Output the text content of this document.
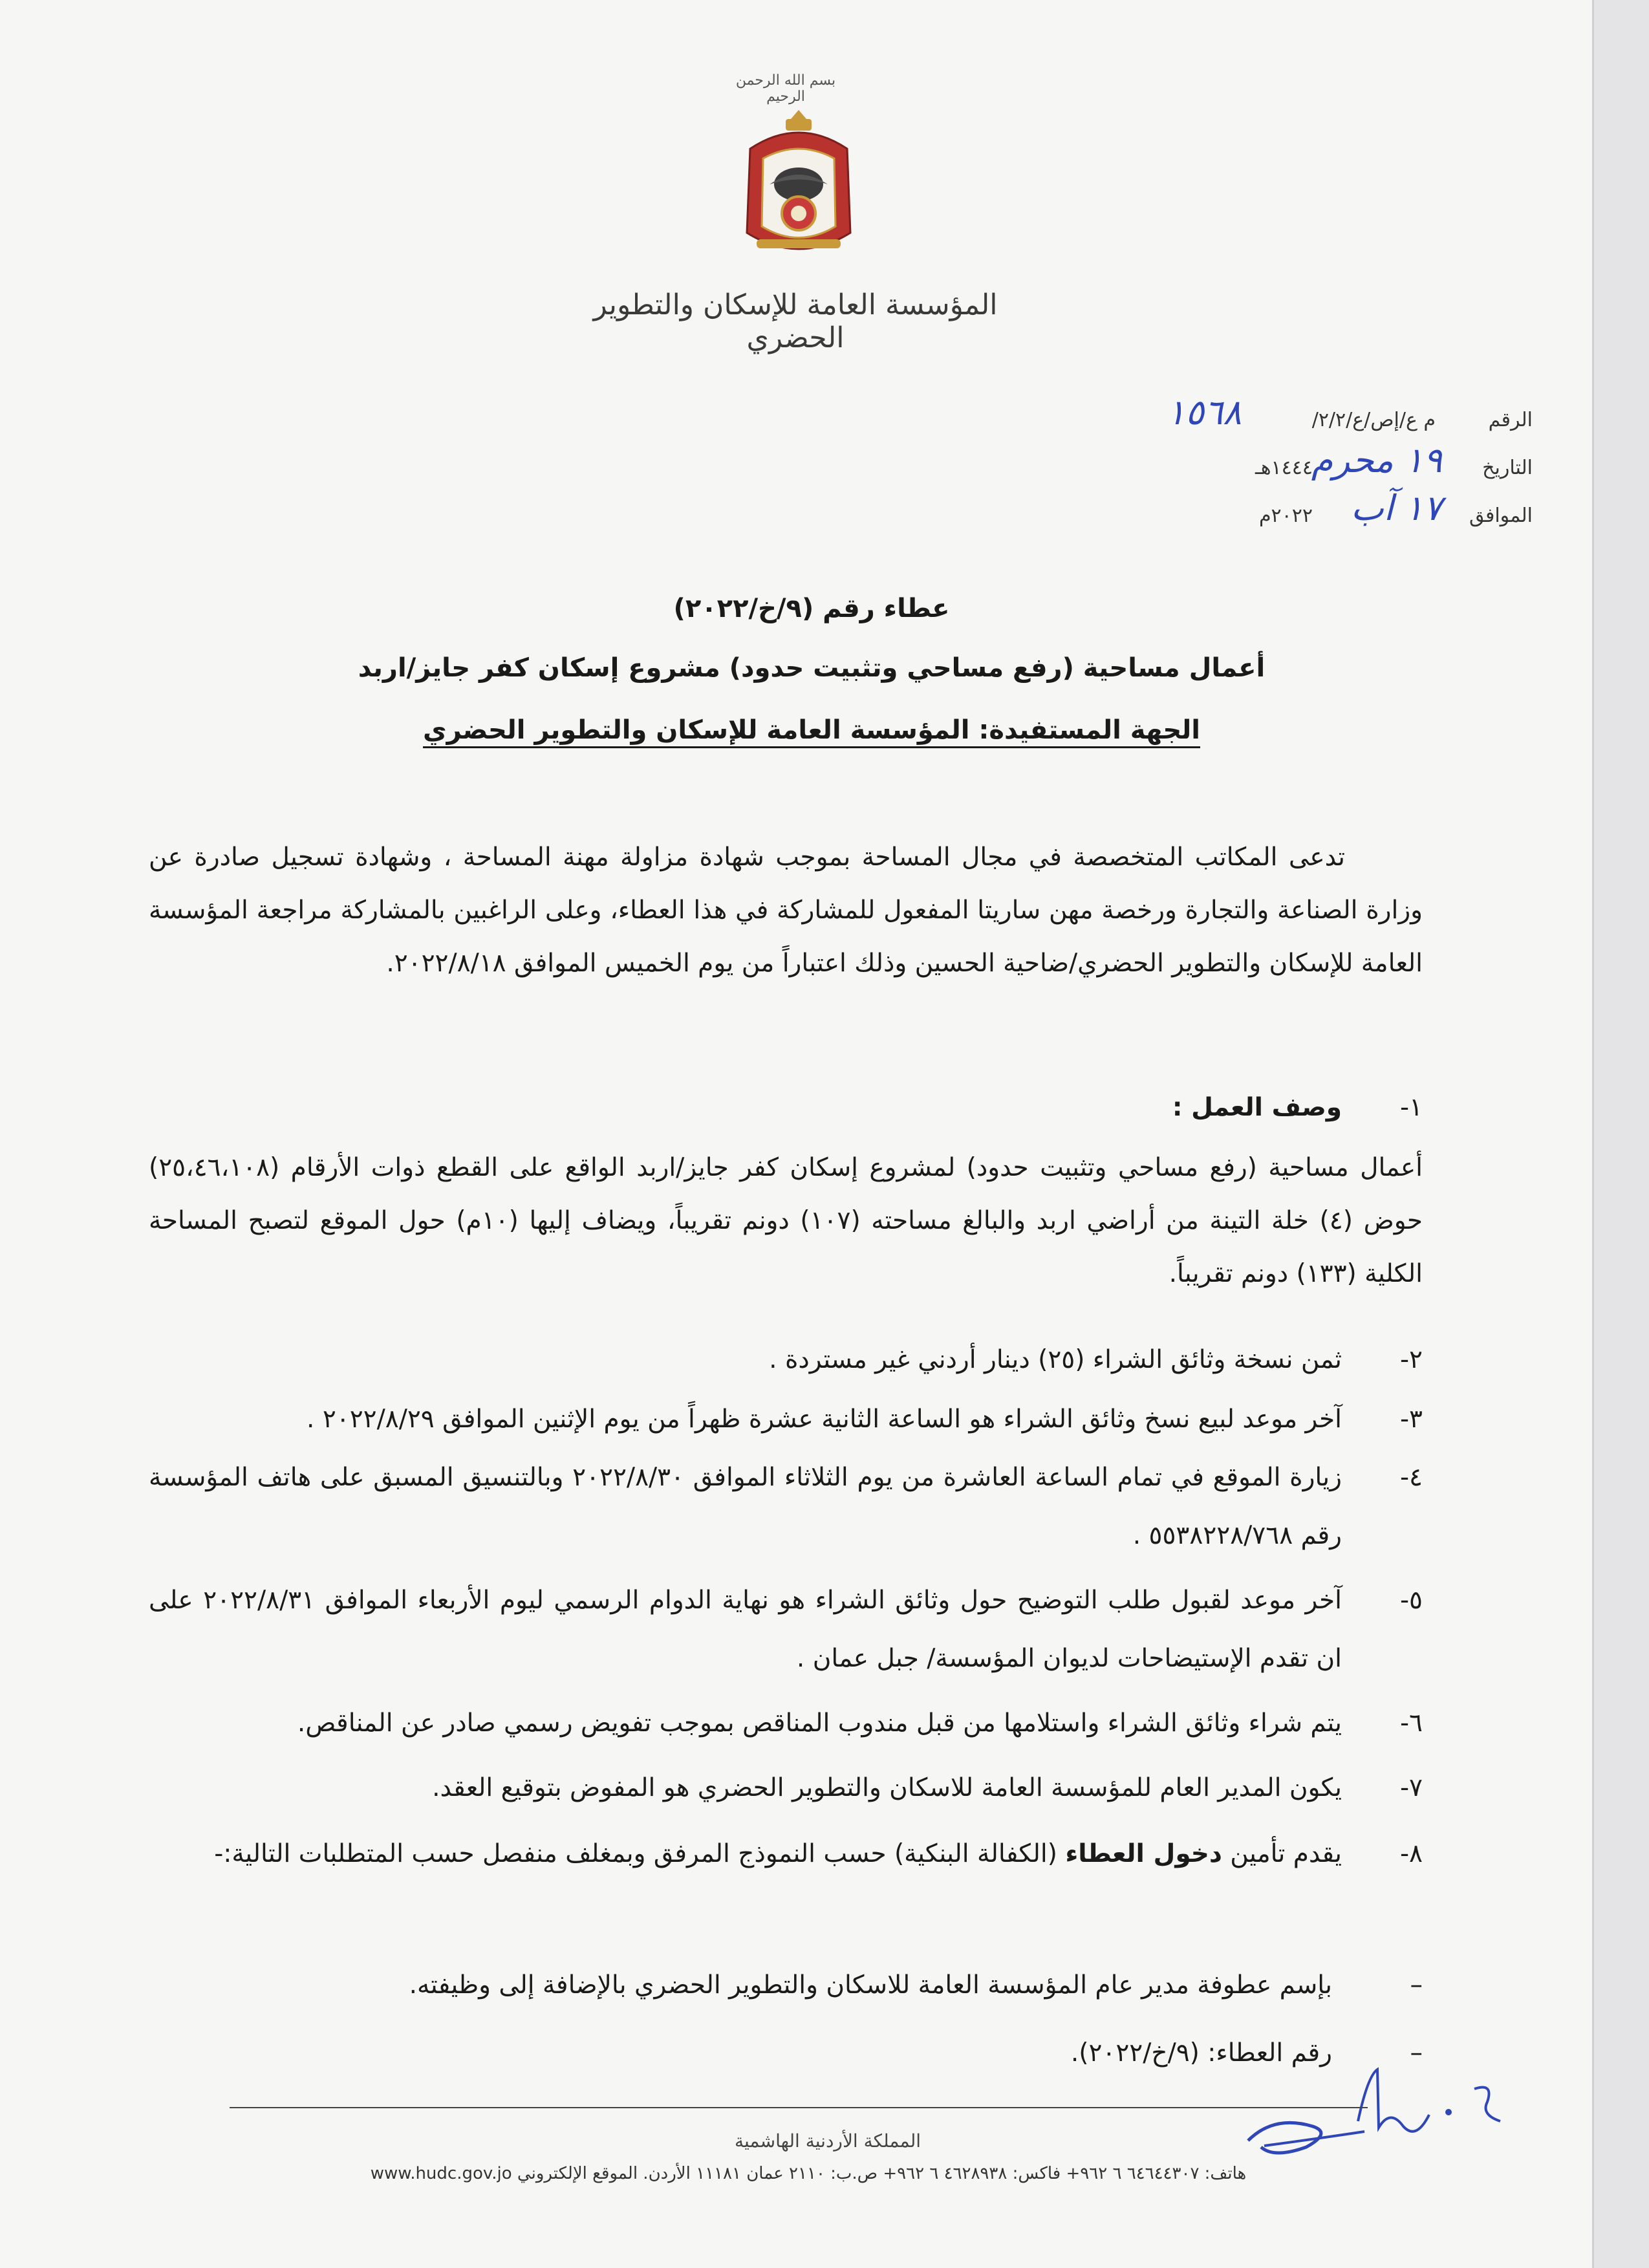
بسم الله الرحمن الرحيم
المؤسسة العامة للإسكان والتطوير الحضري
الرقم
م ع/إص/ع/٢/٢/
١٥٦٨
التاريخ
١٤٤٤هـ
١٩ محرم
الموافق
٢٠٢٢م ١٧ آب
عطاء رقم (٩/خ/٢٠٢٢)
أعمال مساحية (رفع مساحي وتثبيت حدود) مشروع إسكان كفر جايز/اربد
الجهة المستفيدة: المؤسسة العامة للإسكان والتطوير الحضري
تدعى المكاتب المتخصصة في مجال المساحة بموجب شهادة مزاولة مهنة المساحة ، وشهادة تسجيل صادرة عن وزارة الصناعة والتجارة ورخصة مهن ساريتا المفعول للمشاركة في هذا العطاء، وعلى الراغبين بالمشاركة مراجعة المؤسسة العامة للإسكان والتطوير الحضري/ضاحية الحسين وذلك اعتباراً من يوم الخميس الموافق ٢٠٢٢/٨/١٨.
١-
وصف العمل :
أعمال مساحية (رفع مساحي وتثبيت حدود) لمشروع إسكان كفر جايز/اربد الواقع على القطع ذوات الأرقام (٢٥،٤٦،١٠٨) حوض (٤) خلة التينة من أراضي اربد والبالغ مساحته (١٠٧) دونم تقريباً، ويضاف إليها (١٠م) حول الموقع لتصبح المساحة الكلية (١٣٣) دونم تقريباً.
٢-
ثمن نسخة وثائق الشراء (٢٥) دينار أردني غير مستردة .
٣-
آخر موعد لبيع نسخ وثائق الشراء هو الساعة الثانية عشرة ظهراً من يوم الإثنين الموافق ٢٠٢٢/٨/٢٩ .
٤-
زيارة الموقع في تمام الساعة العاشرة من يوم الثلاثاء الموافق ٢٠٢٢/٨/٣٠ وبالتنسيق المسبق على هاتف المؤسسة رقم ٥٥٣٨٢٢٨/٧٦٨ .
٥-
آخر موعد لقبول طلب التوضيح حول وثائق الشراء هو نهاية الدوام الرسمي ليوم الأربعاء الموافق ٢٠٢٢/٨/٣١ على ان تقدم الإستيضاحات لديوان المؤسسة/ جبل عمان .
٦-
يتم شراء وثائق الشراء واستلامها من قبل مندوب المناقص بموجب تفويض رسمي صادر عن المناقص.
٧-
يكون المدير العام للمؤسسة العامة للاسكان والتطوير الحضري هو المفوض بتوقيع العقد.
٨-
يقدم تأمين دخول العطاء (الكفالة البنكية) حسب النموذج المرفق وبمغلف منفصل حسب المتطلبات التالية:-
–
بإسم عطوفة مدير عام المؤسسة العامة للاسكان والتطوير الحضري بالإضافة إلى وظيفته.
–
رقم العطاء: (٩/خ/٢٠٢٢).
المملكة الأردنية الهاشمية
هاتف: ٦٤٦٤٤٣٠٧ ٦ ٩٦٢+ فاكس: ٤٦٢٨٩٣٨ ٦ ٩٦٢+ ص.ب: ٢١١٠ عمان ١١١٨١ الأردن. الموقع الإلكتروني www.hudc.gov.jo
